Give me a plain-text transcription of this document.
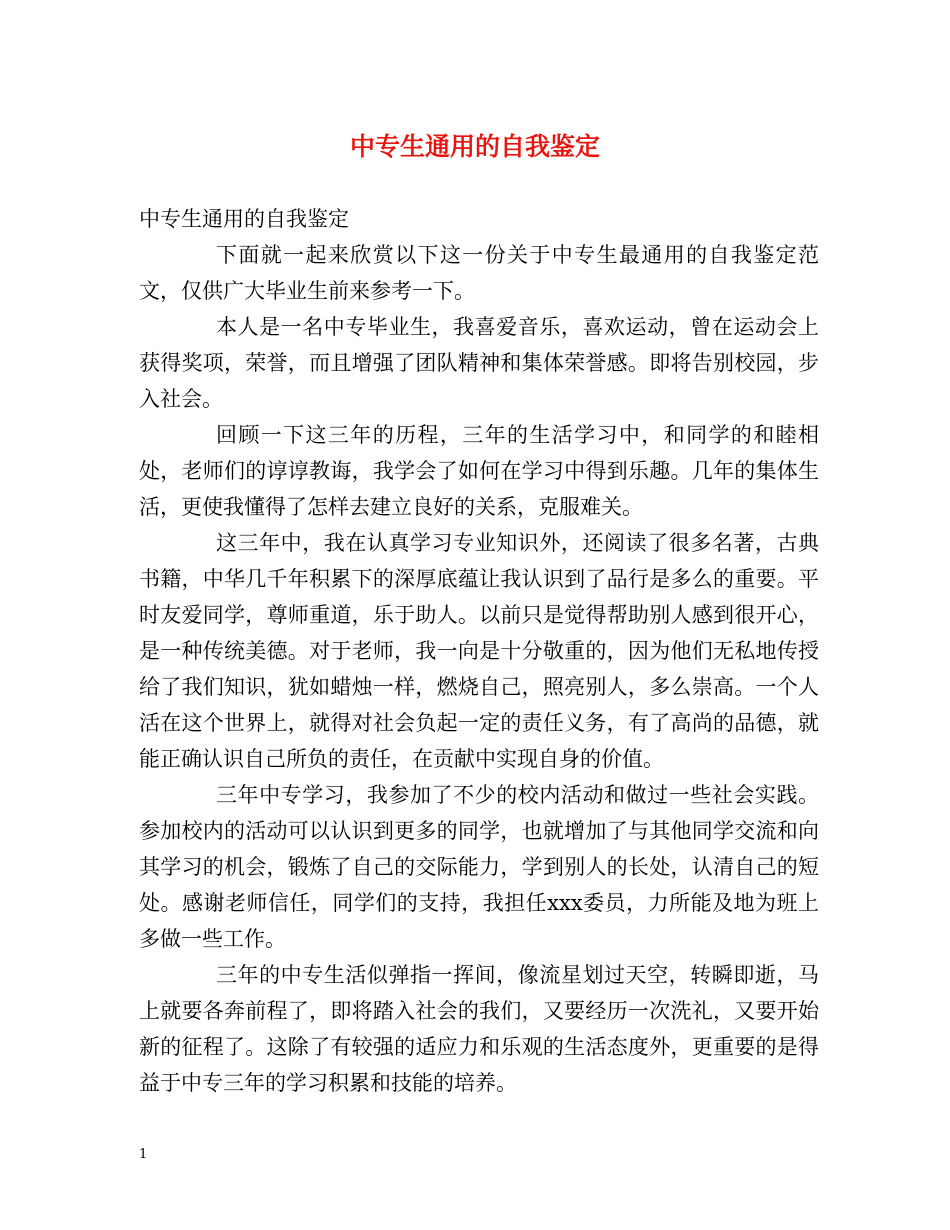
中专生通用的自我鉴定

中专生通用的自我鉴定

下面就一起来欣赏以下这一份关于中专生最通用的自我鉴定范文，仅供广大毕业生前来参考一下。

本人是一名中专毕业生，我喜爱音乐，喜欢运动，曾在运动会上获得奖项，荣誉，而且增强了团队精神和集体荣誉感。即将告别校园，步入社会。

回顾一下这三年的历程，三年的生活学习中，和同学的和睦相处，老师们的谆谆教诲，我学会了如何在学习中得到乐趣。几年的集体生活，更使我懂得了怎样去建立良好的关系，克服难关。

这三年中，我在认真学习专业知识外，还阅读了很多名著，古典书籍，中华几千年积累下的深厚底蕴让我认识到了品行是多么的重要。平时友爱同学，尊师重道，乐于助人。以前只是觉得帮助别人感到很开心，是一种传统美德。对于老师，我一向是十分敬重的，因为他们无私地传授给了我们知识，犹如蜡烛一样，燃烧自己，照亮别人，多么崇高。一个人活在这个世界上，就得对社会负起一定的责任义务，有了高尚的品德，就能正确认识自己所负的责任，在贡献中实现自身的价值。

三年中专学习，我参加了不少的校内活动和做过一些社会实践。参加校内的活动可以认识到更多的同学，也就增加了与其他同学交流和向其学习的机会，锻炼了自己的交际能力，学到别人的长处，认清自己的短处。感谢老师信任，同学们的支持，我担任xxx委员，力所能及地为班上多做一些工作。

三年的中专生活似弹指一挥间，像流星划过天空，转瞬即逝，马上就要各奔前程了，即将踏入社会的我们，又要经历一次洗礼，又要开始新的征程了。这除了有较强的适应力和乐观的生活态度外，更重要的是得益于中专三年的学习积累和技能的培养。

1
